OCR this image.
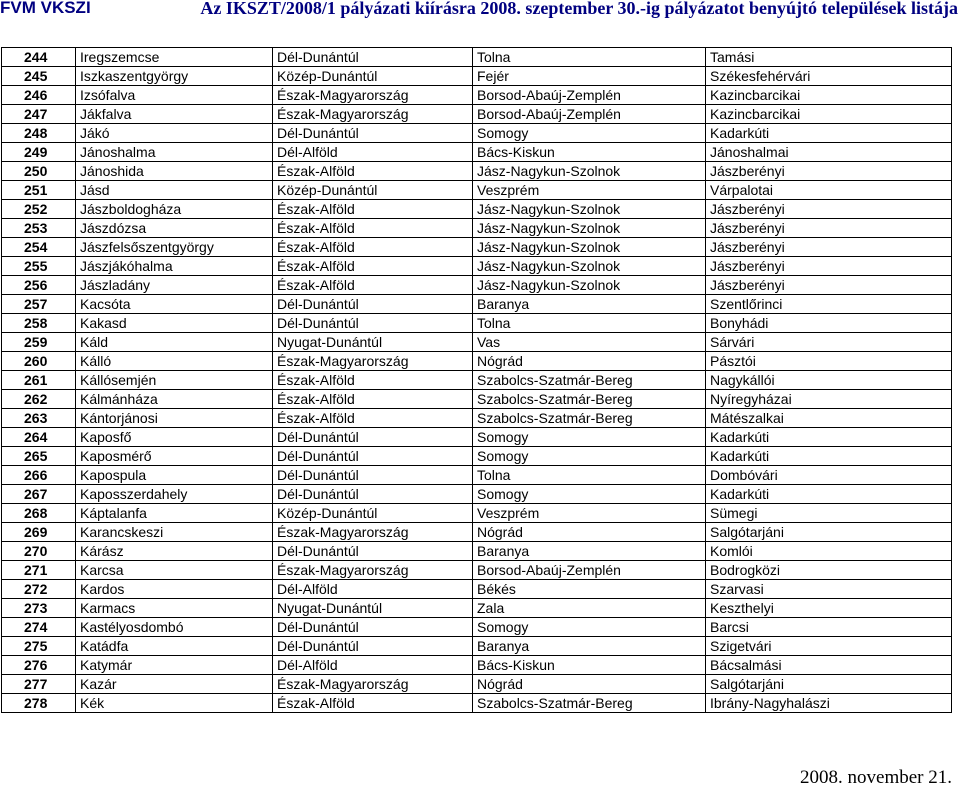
FVM VKSZI	Az IKSZT/2008/1 pályázati kiírásra 2008. szeptember 30.-ig pályázatot benyújtó települések listája
244	Iregszemcse	Dél-Dunántúl	Tolna	Tamási
245	Iszkaszentgyörgy	Közép-Dunántúl	Fejér	Székesfehérvári
246	Izsófalva	Észak-Magyarország	Borsod-Abaúj-Zemplén	Kazincbarcikai
247	Jákfalva	Észak-Magyarország	Borsod-Abaúj-Zemplén	Kazincbarcikai
248	Jákó	Dél-Dunántúl	Somogy	Kadarkúti
249	Jánoshalma	Dél-Alföld	Bács-Kiskun	Jánoshalmai
250	Jánoshida	Észak-Alföld	Jász-Nagykun-Szolnok	Jászberényi
251	Jásd	Közép-Dunántúl	Veszprém	Várpalotai
252	Jászboldogháza	Észak-Alföld	Jász-Nagykun-Szolnok	Jászberényi
253	Jászdózsa	Észak-Alföld	Jász-Nagykun-Szolnok	Jászberényi
254	Jászfelsőszentgyörgy	Észak-Alföld	Jász-Nagykun-Szolnok	Jászberényi
255	Jászjákóhalma	Észak-Alföld	Jász-Nagykun-Szolnok	Jászberényi
256	Jászladány	Észak-Alföld	Jász-Nagykun-Szolnok	Jászberényi
257	Kacsóta	Dél-Dunántúl	Baranya	Szentlőrinci
258	Kakasd	Dél-Dunántúl	Tolna	Bonyhádi
259	Káld	Nyugat-Dunántúl	Vas	Sárvári
260	Kálló	Észak-Magyarország	Nógrád	Pásztói
261	Kállósemjén	Észak-Alföld	Szabolcs-Szatmár-Bereg	Nagykállói
262	Kálmánháza	Észak-Alföld	Szabolcs-Szatmár-Bereg	Nyíregyházai
263	Kántorjánosi	Észak-Alföld	Szabolcs-Szatmár-Bereg	Mátészalkai
264	Kaposfő	Dél-Dunántúl	Somogy	Kadarkúti
265	Kaposmérő	Dél-Dunántúl	Somogy	Kadarkúti
266	Kapospula	Dél-Dunántúl	Tolna	Dombóvári
267	Kaposszerdahely	Dél-Dunántúl	Somogy	Kadarkúti
268	Káptalanfa	Közép-Dunántúl	Veszprém	Sümegi
269	Karancskeszi	Észak-Magyarország	Nógrád	Salgótarjáni
270	Kárász	Dél-Dunántúl	Baranya	Komlói
271	Karcsa	Észak-Magyarország	Borsod-Abaúj-Zemplén	Bodrogközi
272	Kardos	Dél-Alföld	Békés	Szarvasi
273	Karmacs	Nyugat-Dunántúl	Zala	Keszthelyi
274	Kastélyosdombó	Dél-Dunántúl	Somogy	Barcsi
275	Katádfa	Dél-Dunántúl	Baranya	Szigetvári
276	Katymár	Dél-Alföld	Bács-Kiskun	Bácsalmási
277	Kazár	Észak-Magyarország	Nógrád	Salgótarjáni
278	Kék	Észak-Alföld	Szabolcs-Szatmár-Bereg	Ibrány-Nagyhalászi
2008. november 21.
